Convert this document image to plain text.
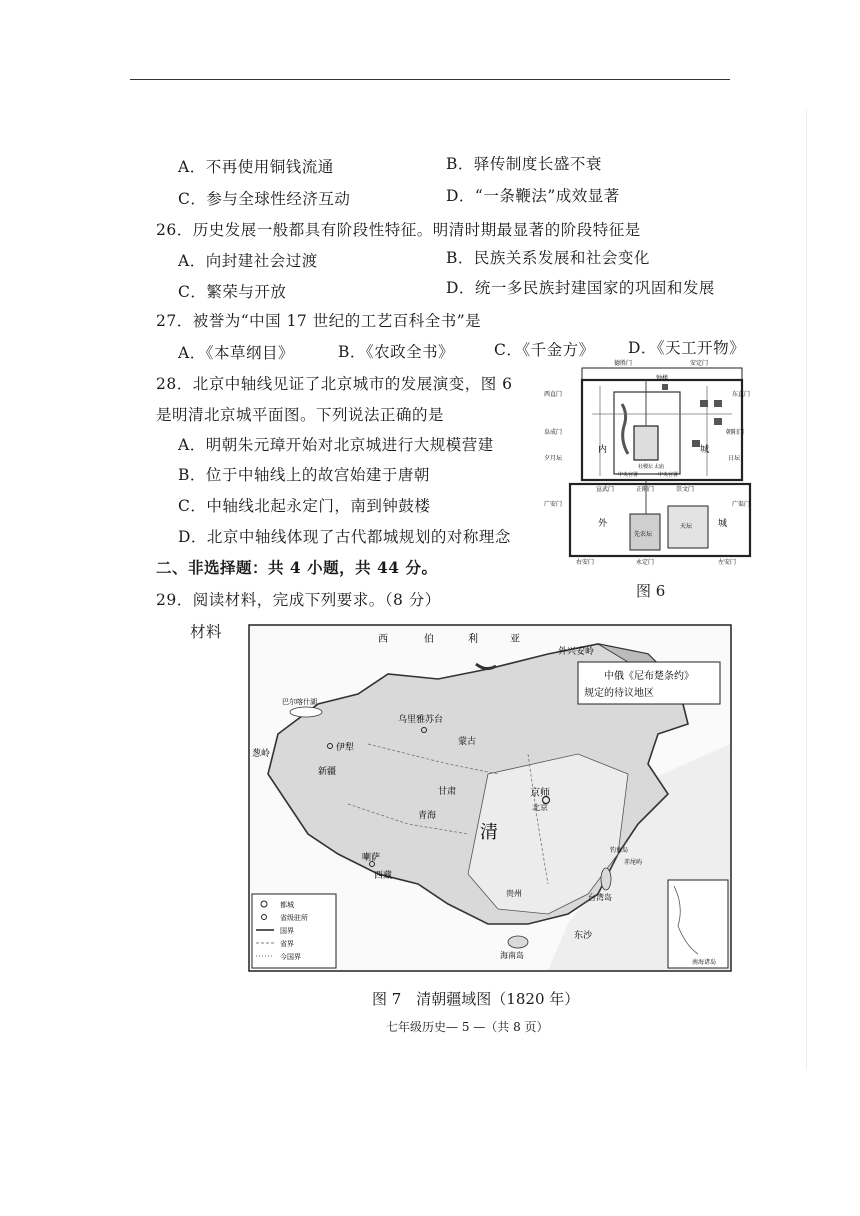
A．不再使用铜钱流通	B．驿传制度长盛不衰
C．参与全球性经济互动	D．“一条鞭法”成效显著
26．历史发展一般都具有阶段性特征。明清时期最显著的阶段特征是
A．向封建社会过渡	B．民族关系发展和社会变化
C．繁荣与开放	D．统一多民族封建国家的巩固和发展
27．被誉为“中国 17 世纪的工艺百科全书”是
A．《本草纲目》	B．《农政全书》	C．《千金方》 D．《天工开物》
28．北京中轴线见证了北京城市的发展演变，图 6
是明清北京城平面图。下列说法正确的是
A．明朝朱元璋开始对北京城进行大规模营建
B．位于中轴线上的故宫始建于唐朝
C．中轴线北起永定门，南到钟鼓楼
D．北京中轴线体现了古代都城规划的对称理念
德胜门	安定门
钟楼
东直门
西直门
阜成门	朝阳门
内	城
夕月坛	日坛
社稷坛 太庙
中央官署	中央官署
宣武门	正阳门	崇文门
广安门	广渠门
外	城
先农坛
天坛
右安门	永定门	左安门
图 6
二、非选择题：共 4 小题，共 44 分。
29．阅读材料，完成下列要求。（8 分）
材料	西	伯	利	亚
外兴安岭
中俄《尼布楚条约》
规定的待议地区
巴尔喀什湖
乌里雅苏台
蒙古
伊犁
新疆
葱岭
京师
北京
清
青海
甘肃
喇萨
西藏
贵州	台湾岛
海南岛
东沙
钓鱼岛
赤尾屿
南海诸岛
都城
省级驻所
国界
省界
今国界
图 7　清朝疆域图（1820 年）
七年级历史— 5 —（共 8 页）
